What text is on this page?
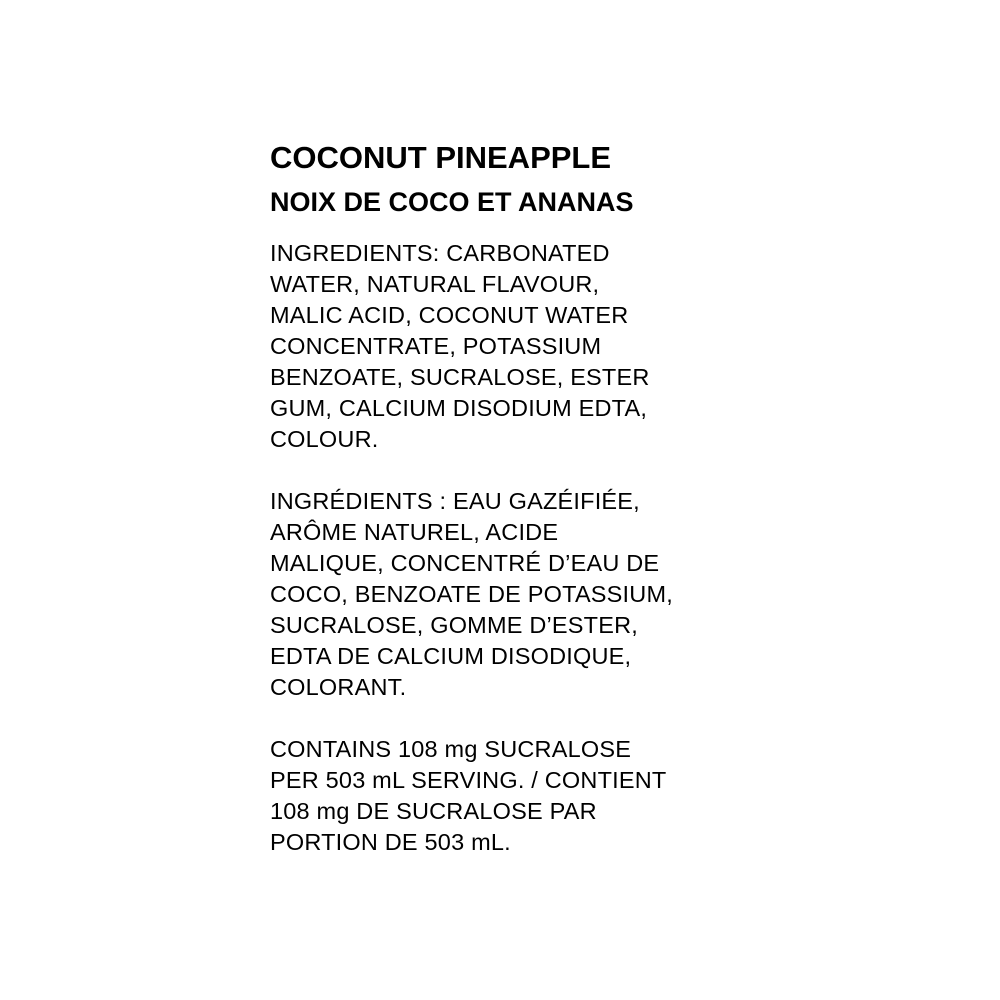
COCONUT PINEAPPLE
NOIX DE COCO ET ANANAS

INGREDIENTS: CARBONATED
WATER, NATURAL FLAVOUR,
MALIC ACID, COCONUT WATER
CONCENTRATE, POTASSIUM
BENZOATE, SUCRALOSE, ESTER
GUM, CALCIUM DISODIUM EDTA,
COLOUR.

INGRÉDIENTS : EAU GAZÉIFIÉE,
ARÔME NATUREL, ACIDE
MALIQUE, CONCENTRÉ D’EAU DE
COCO, BENZOATE DE POTASSIUM,
SUCRALOSE, GOMME D’ESTER,
EDTA DE CALCIUM DISODIQUE,
COLORANT.

CONTAINS 108 mg SUCRALOSE
PER 503 mL SERVING. / CONTIENT
108 mg DE SUCRALOSE PAR
PORTION DE 503 mL.
